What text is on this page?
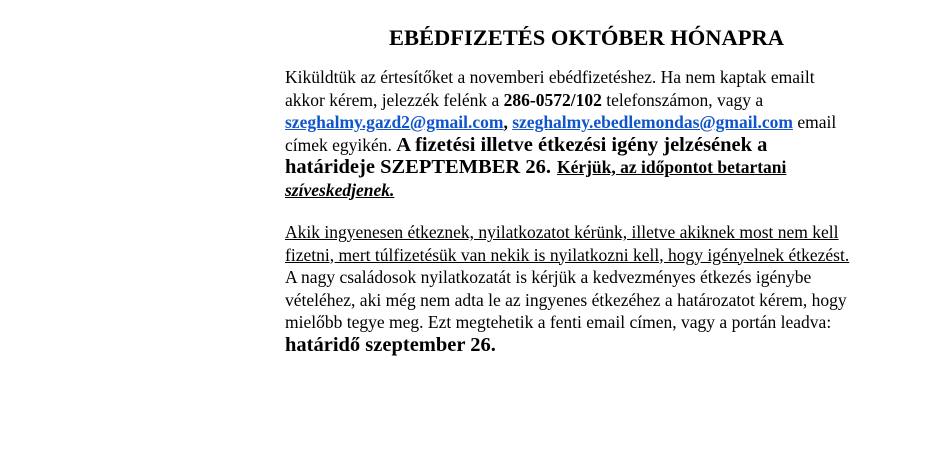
EBÉDFIZETÉS OKTÓBER HÓNAPRA

Kiküldtük az értesítőket a novemberi ebédfizetéshez. Ha nem kaptak emailt
akkor kérem, jelezzék felénk a 286-0572/102 telefonszámon, vagy a
szeghalmy.gazd2@gmail.com, szeghalmy.ebedlemondas@gmail.com email
címek egyikén. A fizetési illetve étkezési igény jelzésének a
határideje SZEPTEMBER 26. Kérjük, az időpontot betartani
szíveskedjenek.

Akik ingyenesen étkeznek, nyilatkozatot kérünk, illetve akiknek most nem kell
fizetni, mert túlfizetésük van nekik is nyilatkozni kell, hogy igényelnek étkezést.
A nagy családosok nyilatkozatát is kérjük a kedvezményes étkezés igénybe
vételéhez, aki még nem adta le az ingyenes étkezéhez a határozatot kérem, hogy
mielőbb tegye meg. Ezt megtehetik a fenti email címen, vagy a portán leadva:
határidő szeptember 26.
